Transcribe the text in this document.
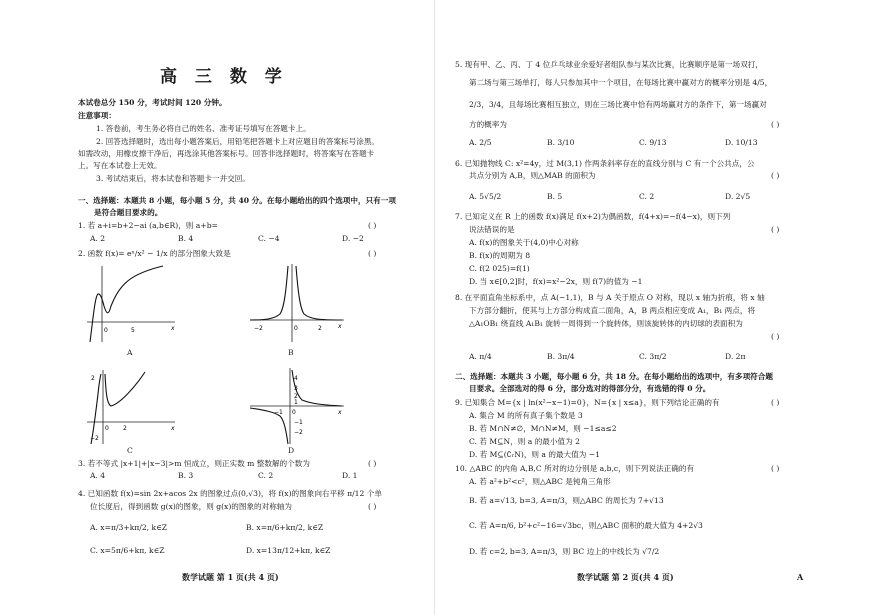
高 三 数 学
本试卷总分 150 分，考试时间 120 分钟。
注意事项：
1. 答卷前，考生务必将自己的姓名、准考证号填写在答题卡上。
2. 回答选择题时，选出每小题答案后，用铅笔把答题卡上对应题目的答案标号涂黑。
如需改动，用橡皮擦干净后，再选涂其他答案标号。回答非选择题时，将答案写在答题卡
上。写在本试卷上无效。
3. 考试结束后，将本试卷和答题卡一并交回。
一、选择题：本题共 8 小题，每小题 5 分，共 40 分。在每小题给出的四个选项中，只有一项
是符合题目要求的。
1. 若 a+i=b+2−ai (a,b∈R)，则 a+b=	( )
A. 2	B. 4	C. −4	D. −2
2. 函数 f(x)= eˣ/x² − 1/x 的部分图象大致是	( )
0	5	x
A
−2	0	2	x
B
2
0 2
−2
x
C
4
3
2
1
0
−1
−1
−2
x
D
3. 若不等式 |x+1|+|x−3|>m 恒成立，则正实数 m 整数解的个数为	( )
A. 4	B. 3	C. 2	D. 1
4. 已知函数 f(x)=sin 2x+acos 2x 的图象过点(0,√3)，将 f(x)的图象向右平移 π/12 个单
位长度后，得到函数 g(x)的图象，则 g(x)的图象的对称轴为	( )
A. x=π/3+kπ/2, k∈Z	B. x=π/6+kπ/2, k∈Z
C. x=5π/6+kπ, k∈Z	D. x=13π/12+kπ, k∈Z
数学试题 第 1 页(共 4 页)
5. 现有甲、乙、丙、丁 4 位乒乓球业余爱好者组队参与某次比赛，比赛顺序是第一场双打，
第二场与第三场单打，每人只参加其中一个项目，在每场比赛中赢对方的概率分别是 4/5，
2/3，3/4，且每场比赛相互独立，则在三场比赛中恰有两场赢对方的条件下，第一场赢对
方的概率为	( )
A. 2/5	B. 3/10	C. 9/13	D. 10/13
6. 已知抛物线 C: x²=4y，过 M(3,1) 作两条斜率存在的直线分别与 C 有一个公共点，公
共点分别为 A,B，则△MAB 的面积为	( )
A. 5√5/2	B. 5	C. 2	D. 2√5
7. 已知定义在 R 上的函数 f(x)满足 f(x+2)为偶函数，f(4+x)=−f(4−x)，则下列
说法错误的是	( )
A. f(x)的图象关于(4,0)中心对称
B. f(x)的周期为 8
C. f(2 025)=f(1)
D. 当 x∈[0,2]时，f(x)=x²−2x，则 f(7)的值为 −1
8. 在平面直角坐标系中，点 A(−1,1)，B 与 A 关于原点 O 对称，现以 x 轴为折痕，将 x 轴
下方部分翻折，使其与上方部分构成直二面角，A，B 两点相应变成 A₁，B₁ 两点，将
△A₁OB₁ 绕直线 A₁B₁ 旋转一周得到一个旋转体，则该旋转体的内切球的表面积为
( )
A. π/4	B. 3π/4	C. 3π/2	D. 2π
二、选择题：本题共 3 小题，每小题 6 分，共 18 分。在每小题给出的选项中，有多项符合题
目要求。全部选对的得 6 分，部分选对的得部分分，有选错的得 0 分。
9. 已知集合 M={x | ln(x²−x−1)=0}，N={x | x≤a}，则下列结论正确的有	( )
A. 集合 M 的所有真子集个数是 3
B. 若 M∩N≠∅，M∩N≠M，则 −1≤a≤2
C. 若 M⊆N，则 a 的最小值为 2
D. 若 M⊆(∁ᵣN)，则 a 的最大值为 −1
10. △ABC 的内角 A,B,C 所对的边分别是 a,b,c，则下列说法正确的有	( )
A. 若 a²+b²<c²，则△ABC 是钝角三角形
B. 若 a=√13, b=3, A=π/3，则△ABC 的周长为 7+√13
C. 若 A=π/6, b²+c²−16=√3bc，则△ABC 面积的最大值为 4+2√3
D. 若 c=2, b=3, A=π/3，则 BC 边上的中线长为 √7/2
数学试题 第 2 页(共 4 页)	A
